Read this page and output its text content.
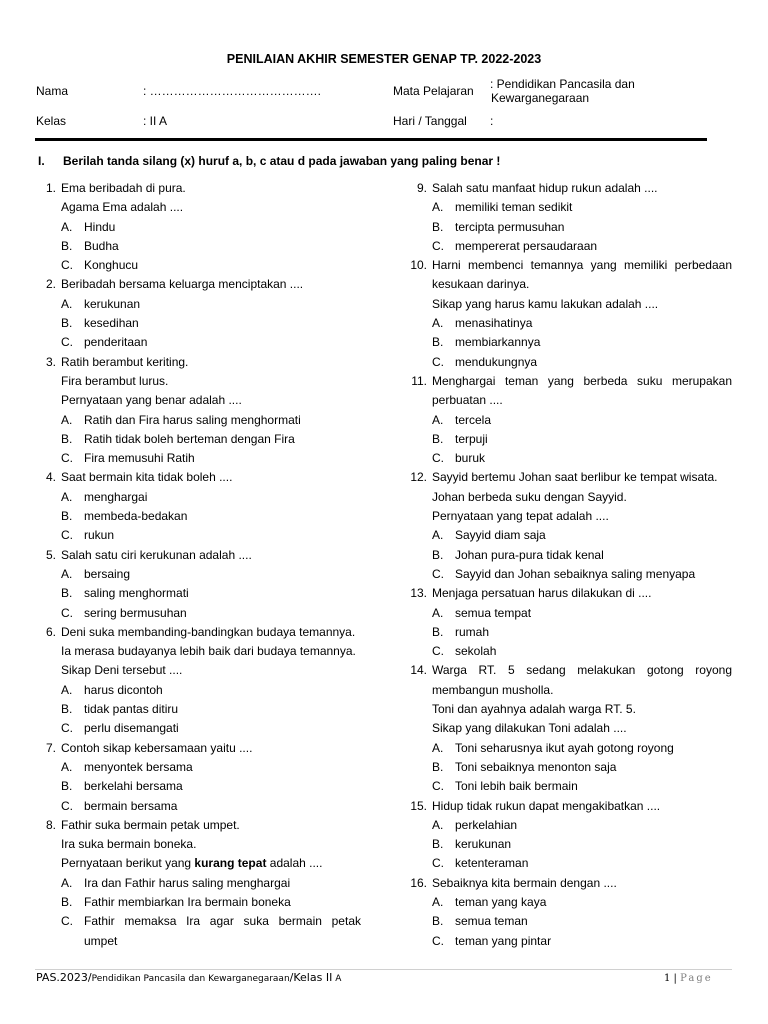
PENILAIAN AKHIR SEMESTER GENAP TP. 2022-2023
Nama	: …………………………………….	Mata Pelajaran : Pendidikan Pancasila dan
Kewarganegaraan
Kelas	: II A	Hari / Tanggal :
I. Berilah tanda silang (x) huruf a, b, c atau d pada jawaban yang paling benar !
1. Ema beribadah di pura.
Agama Ema adalah ....
A. Hindu
B. Budha
C. Konghucu
2. Beribadah bersama keluarga menciptakan ....
A. kerukunan
B. kesedihan
C. penderitaan
3. Ratih berambut keriting.
Fira berambut lurus.
Pernyataan yang benar adalah ....
A. Ratih dan Fira harus saling menghormati
B. Ratih tidak boleh berteman dengan Fira
C. Fira memusuhi Ratih
4. Saat bermain kita tidak boleh ....
A. menghargai
B. membeda-bedakan
C. rukun
5. Salah satu ciri kerukunan adalah ....
A. bersaing
B. saling menghormati
C. sering bermusuhan
6. Deni suka membanding-bandingkan budaya temannya.
Ia merasa budayanya lebih baik dari budaya temannya.
Sikap Deni tersebut ....
A. harus dicontoh
B. tidak pantas ditiru
C. perlu disemangati
7. Contoh sikap kebersamaan yaitu ....
A. menyontek bersama
B. berkelahi bersama
C. bermain bersama
8. Fathir suka bermain petak umpet.
Ira suka bermain boneka.
Pernyataan berikut yang kurang tepat adalah ....
A. Ira dan Fathir harus saling menghargai
B. Fathir membiarkan Ira bermain boneka
C. Fathir memaksa Ira agar suka bermain petak
umpet
9. Salah satu manfaat hidup rukun adalah ....
A. memiliki teman sedikit
B. tercipta permusuhan
C. mempererat persaudaraan
10. Harni membenci temannya yang memiliki perbedaan
kesukaan darinya.
Sikap yang harus kamu lakukan adalah ....
A. menasihatinya
B. membiarkannya
C. mendukungnya
11. Menghargai teman yang berbeda suku merupakan
perbuatan ....
A. tercela
B. terpuji
C. buruk
12. Sayyid bertemu Johan saat berlibur ke tempat wisata.
Johan berbeda suku dengan Sayyid.
Pernyataan yang tepat adalah ....
A. Sayyid diam saja
B. Johan pura-pura tidak kenal
C. Sayyid dan Johan sebaiknya saling menyapa
13. Menjaga persatuan harus dilakukan di ....
A. semua tempat
B. rumah
C. sekolah
14. Warga RT. 5 sedang melakukan gotong royong
membangun musholla.
Toni dan ayahnya adalah warga RT. 5.
Sikap yang dilakukan Toni adalah ....
A. Toni seharusnya ikut ayah gotong royong
B. Toni sebaiknya menonton saja
C. Toni lebih baik bermain
15. Hidup tidak rukun dapat mengakibatkan ....
A. perkelahian
B. kerukunan
C. ketenteraman
16. Sebaiknya kita bermain dengan ....
A. teman yang kaya
B. semua teman
C. teman yang pintar
PAS.2023/Pendidikan Pancasila dan Kewarganegaraan/Kelas II A	1 | Page
